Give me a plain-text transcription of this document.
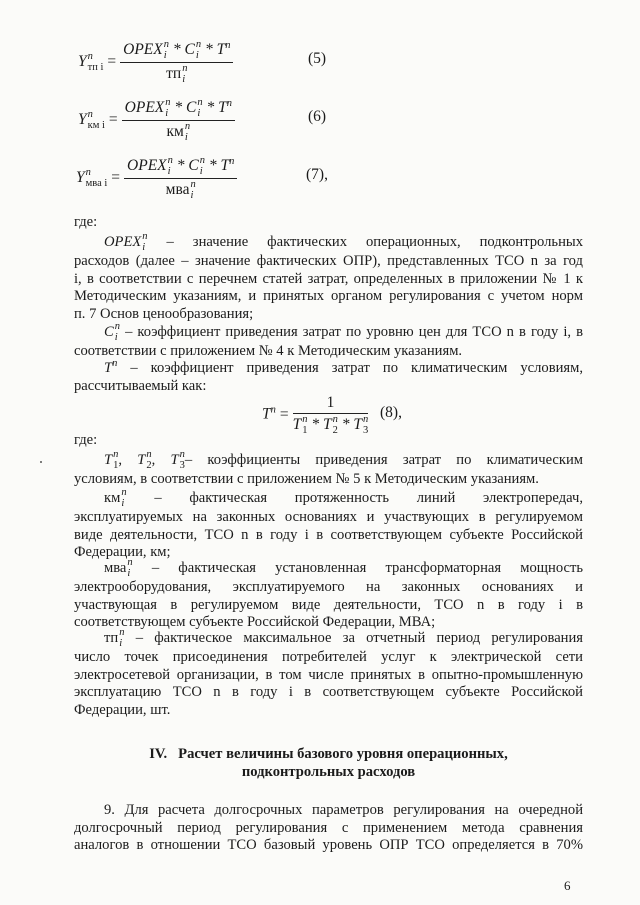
Y n
тп i = OPEX n
i * C n
i * $T^n$
тп n
i	(5)
Y n
км i = OPEX n
i * C n
i * $T^n$
км n
i	(6)
Y n
мва i = OPEX n
i * C n
i * $T^n$
мва n
i	(7),
где:
OPEX n
i – значение фактических операционных, подконтрольных
расходов (далее – значение фактических ОПР), представленных ТСО n за год
i, в соответствии с перечнем статей затрат, определенных в приложении № 1 к
Методическим указаниям, и принятых органом регулирования с учетом норм
п. 7 Основ ценообразования;
C n
i – коэффициент приведения затрат по уровню цен для ТСО n в году i, в
соответствии с приложением № 4 к Методическим указаниям.
$T^n$ – коэффициент приведения затрат по климатическим условиям,
рассчитываемый как:
$T^n = 1$
T n
1 * T n
2 * T n
3 (8),
где:
T n
1 , T n
2 , T n
3 – коэффициенты приведения затрат по климатическим
условиям, в соответствии с приложением № 5 к Методическим указаниям.
км n
i – фактическая протяженность линий электропередач,
эксплуатируемых на законных основаниях и участвующих в регулируемом
виде деятельности, ТСО n в году i в соответствующем субъекте Российской
Федерации, км;
мва n
i – фактическая установленная трансформаторная мощность
электрооборудования, эксплуатируемого на законных основаниях и
участвующая в регулируемом виде деятельности, ТСО n в году i в
соответствующем субъекте Российской Федерации, МВА;
тп n
i – фактическое максимальное за отчетный период регулирования
число точек присоединения потребителей услуг к электрической сети
электросетевой организации, в том числе принятых в опытно-промышленную
эксплуатацию ТСО n в году i в соответствующем субъекте Российской
Федерации, шт.
IV.   Расчет величины базового уровня операционных,
подконтрольных расходов
9. Для расчета долгосрочных параметров регулирования на очередной
долгосрочный период регулирования с применением метода сравнения
аналогов в отношении ТСО базовый уровень ОПР ТСО определяется в 70%
6
